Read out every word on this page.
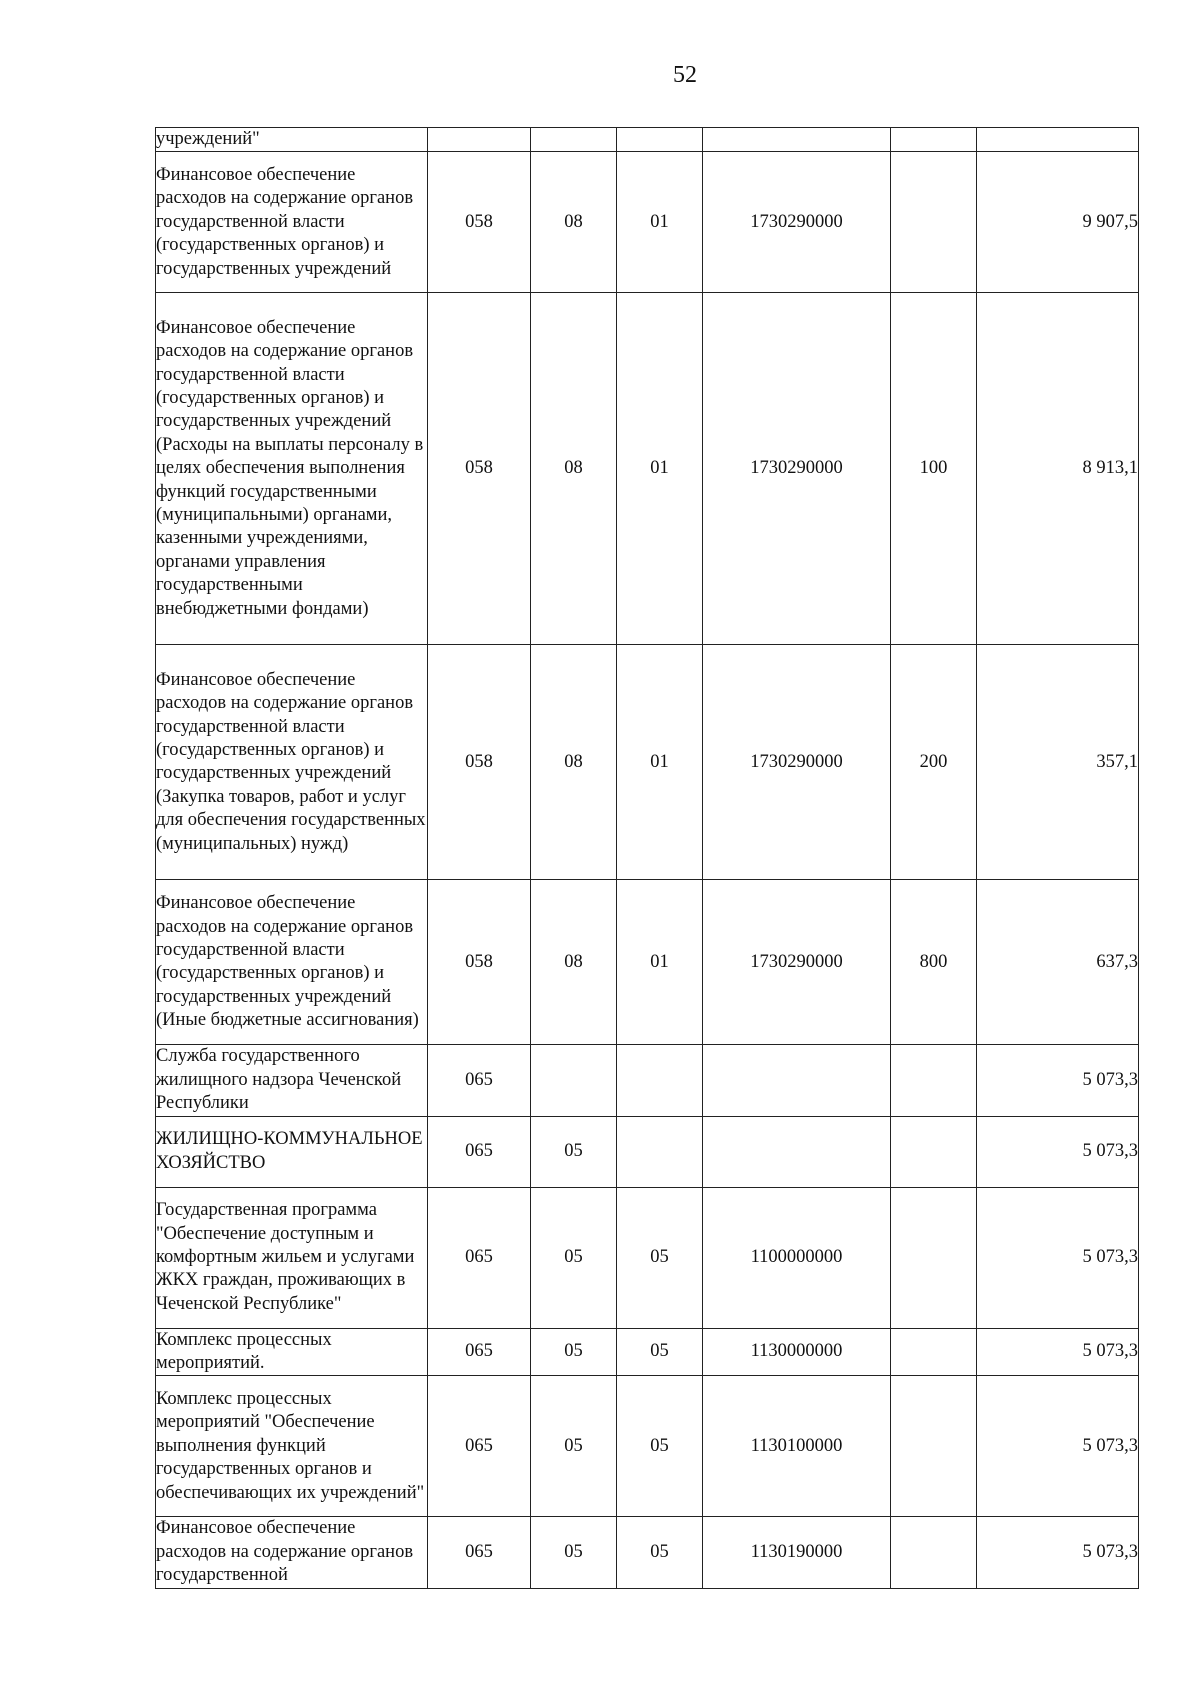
52
учреждений"						
Финансовое обеспечение расходов на содержание органов государственной власти (государственных органов) и государственных учреждений	058	08	01	1730290000		9 907,5
Финансовое обеспечение расходов на содержание органов государственной власти (государственных органов) и государственных учреждений (Расходы на выплаты персоналу в целях обеспечения выполнения функций государственными (муниципальными) органами, казенными учреждениями, органами управления государственными внебюджетными фондами)	058	08	01	1730290000	100	8 913,1
Финансовое обеспечение расходов на содержание органов государственной власти (государственных органов) и государственных учреждений (Закупка товаров, работ и услуг для обеспечения государственных (муниципальных) нужд)	058	08	01	1730290000	200	357,1
Финансовое обеспечение расходов на содержание органов государственной власти (государственных органов) и государственных учреждений (Иные бюджетные ассигнования)	058	08	01	1730290000	800	637,3
Служба государственного жилищного надзора Чеченской Республики	065					5 073,3
ЖИЛИЩНО-КОММУНАЛЬНОЕ ХОЗЯЙСТВО	065	05				5 073,3
Государственная программа "Обеспечение доступным и комфортным жильем и услугами ЖКХ граждан, проживающих в Чеченской Республике"	065	05	05	1100000000		5 073,3
Комплекс процессных мероприятий.	065	05	05	1130000000		5 073,3
Комплекс процессных мероприятий "Обеспечение выполнения функций государственных органов и обеспечивающих их учреждений"	065	05	05	1130100000		5 073,3
Финансовое обеспечение расходов на содержание органов государственной	065	05	05	1130190000		5 073,3
